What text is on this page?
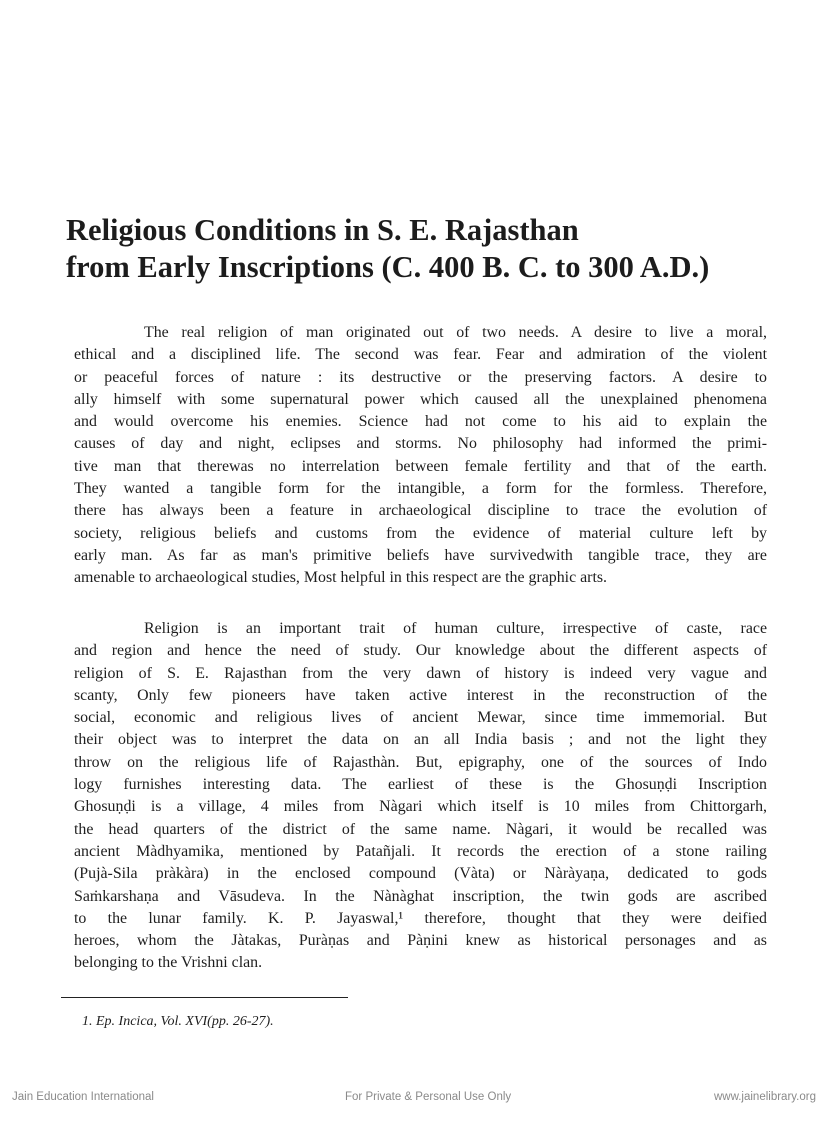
Religious Conditions in S. E. Rajasthan
from Early Inscriptions (C. 400 B. C. to 300 A.D.)

The real religion of man originated out of two needs. A desire to live a moral,
ethical and a disciplined life. The second was fear. Fear and admiration of the violent
or peaceful forces of nature : its destructive or the preserving factors. A desire to
ally himself with some supernatural power which caused all the unexplained phenomena
and would overcome his enemies. Science had not come to his aid to explain the
causes of day and night, eclipses and storms. No philosophy had informed the primi-
tive man that therewas no interrelation between female fertility and that of the earth.
They wanted a tangible form for the intangible, a form for the formless. Therefore,
there has always been a feature in archaeological discipline to trace the evolution of
society, religious beliefs and customs from the evidence of material culture left by
early man. As far as man's primitive beliefs have survivedwith tangible trace, they are
amenable to archaeological studies, Most helpful in this respect are the graphic arts.

Religion is an important trait of human culture, irrespective of caste, race
and region and hence the need of study. Our knowledge about the different aspects of
religion of S. E. Rajasthan from the very dawn of history is indeed very vague and
scanty, Only few pioneers have taken active interest in the reconstruction of the
social, economic and religious lives of ancient Mewar, since time immemorial. But
their object was to interpret the data on an all India basis ; and not the light they
throw on the religious life of Rajasthàn. But, epigraphy, one of the sources of Indo
logy furnishes interesting data. The earliest of these is the Ghosuṇḍi Inscription
Ghosuṇḍi is a village, 4 miles from Nàgari which itself is 10 miles from Chittorgarh,
the head quarters of the district of the same name. Nàgari, it would be recalled was
ancient Màdhyamika, mentioned by Patañjali. It records the erection of a stone railing
(Pujà-Sila pràkàra) in the enclosed compound (Vàta) or Nàràyaṇa, dedicated to gods
Saṁkarshaṇa and Vāsudeva. In the Nànàghat inscription, the twin gods are ascribed
to the lunar family. K. P. Jayaswal,¹ therefore, thought that they were deified
heroes, whom the Jàtakas, Puràṇas and Pàṇini knew as historical personages and as
belonging to the Vrishni clan.

1. Ep. Incica, Vol. XVI(pp. 26-27).
Jain Education International	For Private & Personal Use Only	www.jainelibrary.org
